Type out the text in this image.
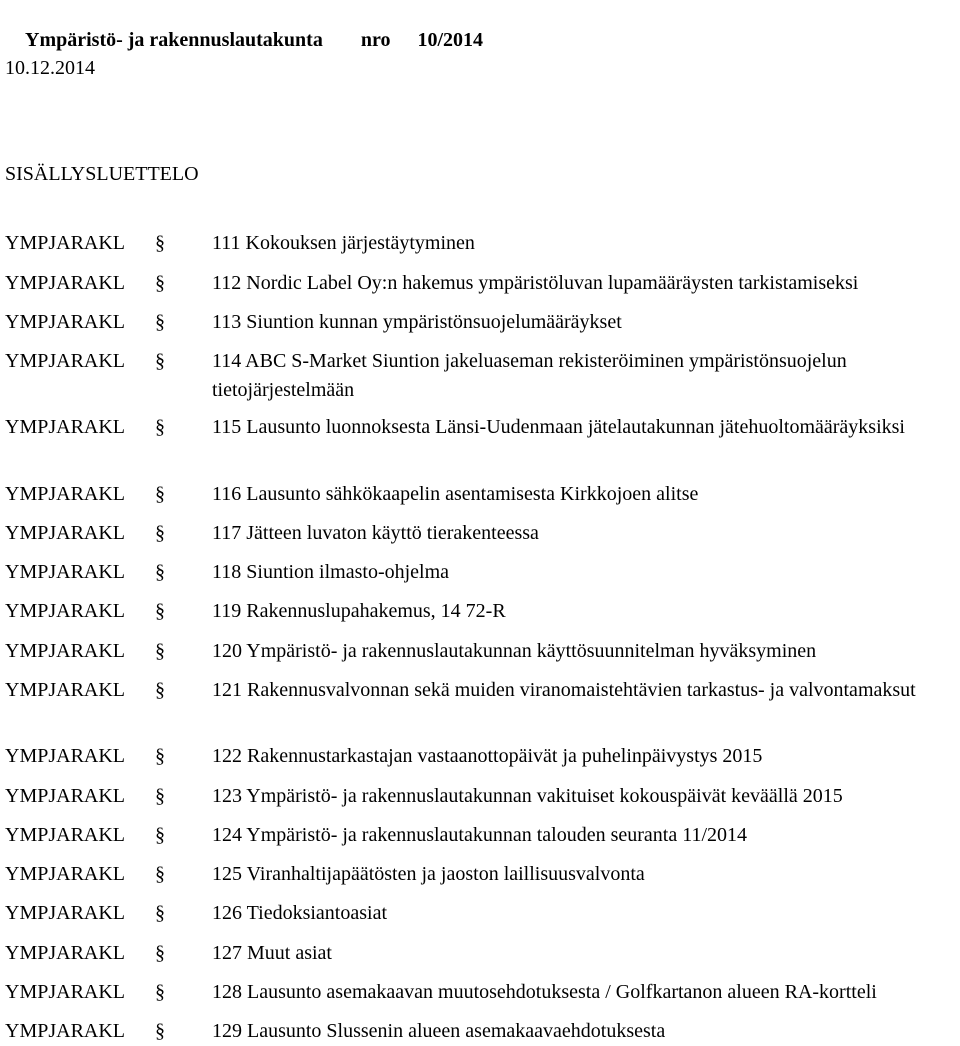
Ympäristö- ja rakennuslautakunta nro 10/2014

10.12.2014
SISÄLLYSLUETTELO
YMPJARAKL § 111 Kokouksen järjestäytyminen
YMPJARAKL § 112 Nordic Label Oy:n hakemus ympäristöluvan lupamääräysten tarkistamiseksi
YMPJARAKL § 113 Siuntion kunnan ympäristönsuojelumääräykset
YMPJARAKL § 114 ABC S-Market Siuntion jakeluaseman rekisteröiminen ympäristönsuojelun tietojärjestelmään
YMPJARAKL § 115 Lausunto luonnoksesta Länsi-Uudenmaan jätelautakunnan jätehuoltomääräyksiksi
YMPJARAKL § 116 Lausunto sähkökaapelin asentamisesta Kirkkojoen alitse
YMPJARAKL § 117 Jätteen luvaton käyttö tierakenteessa
YMPJARAKL § 118 Siuntion ilmasto-ohjelma
YMPJARAKL § 119 Rakennuslupahakemus, 14 72-R
YMPJARAKL § 120 Ympäristö- ja rakennuslautakunnan käyttösuunnitelman hyväksyminen
YMPJARAKL § 121 Rakennusvalvonnan sekä muiden viranomaistehtävien tarkastus- ja valvontamaksut
YMPJARAKL § 122 Rakennustarkastajan vastaanottopäivät ja puhelinpäivystys 2015
YMPJARAKL § 123 Ympäristö- ja rakennuslautakunnan vakituiset kokouspäivät keväällä 2015
YMPJARAKL § 124 Ympäristö- ja rakennuslautakunnan talouden seuranta 11/2014
YMPJARAKL § 125 Viranhaltijapäätösten ja jaoston laillisuusvalvonta
YMPJARAKL § 126 Tiedoksiantoasiat
YMPJARAKL § 127 Muut asiat
YMPJARAKL § 128 Lausunto asemakaavan muutosehdotuksesta / Golfkartanon alueen RA-kortteli
YMPJARAKL § 129 Lausunto Slussenin alueen asemakaavaehdotuksesta
